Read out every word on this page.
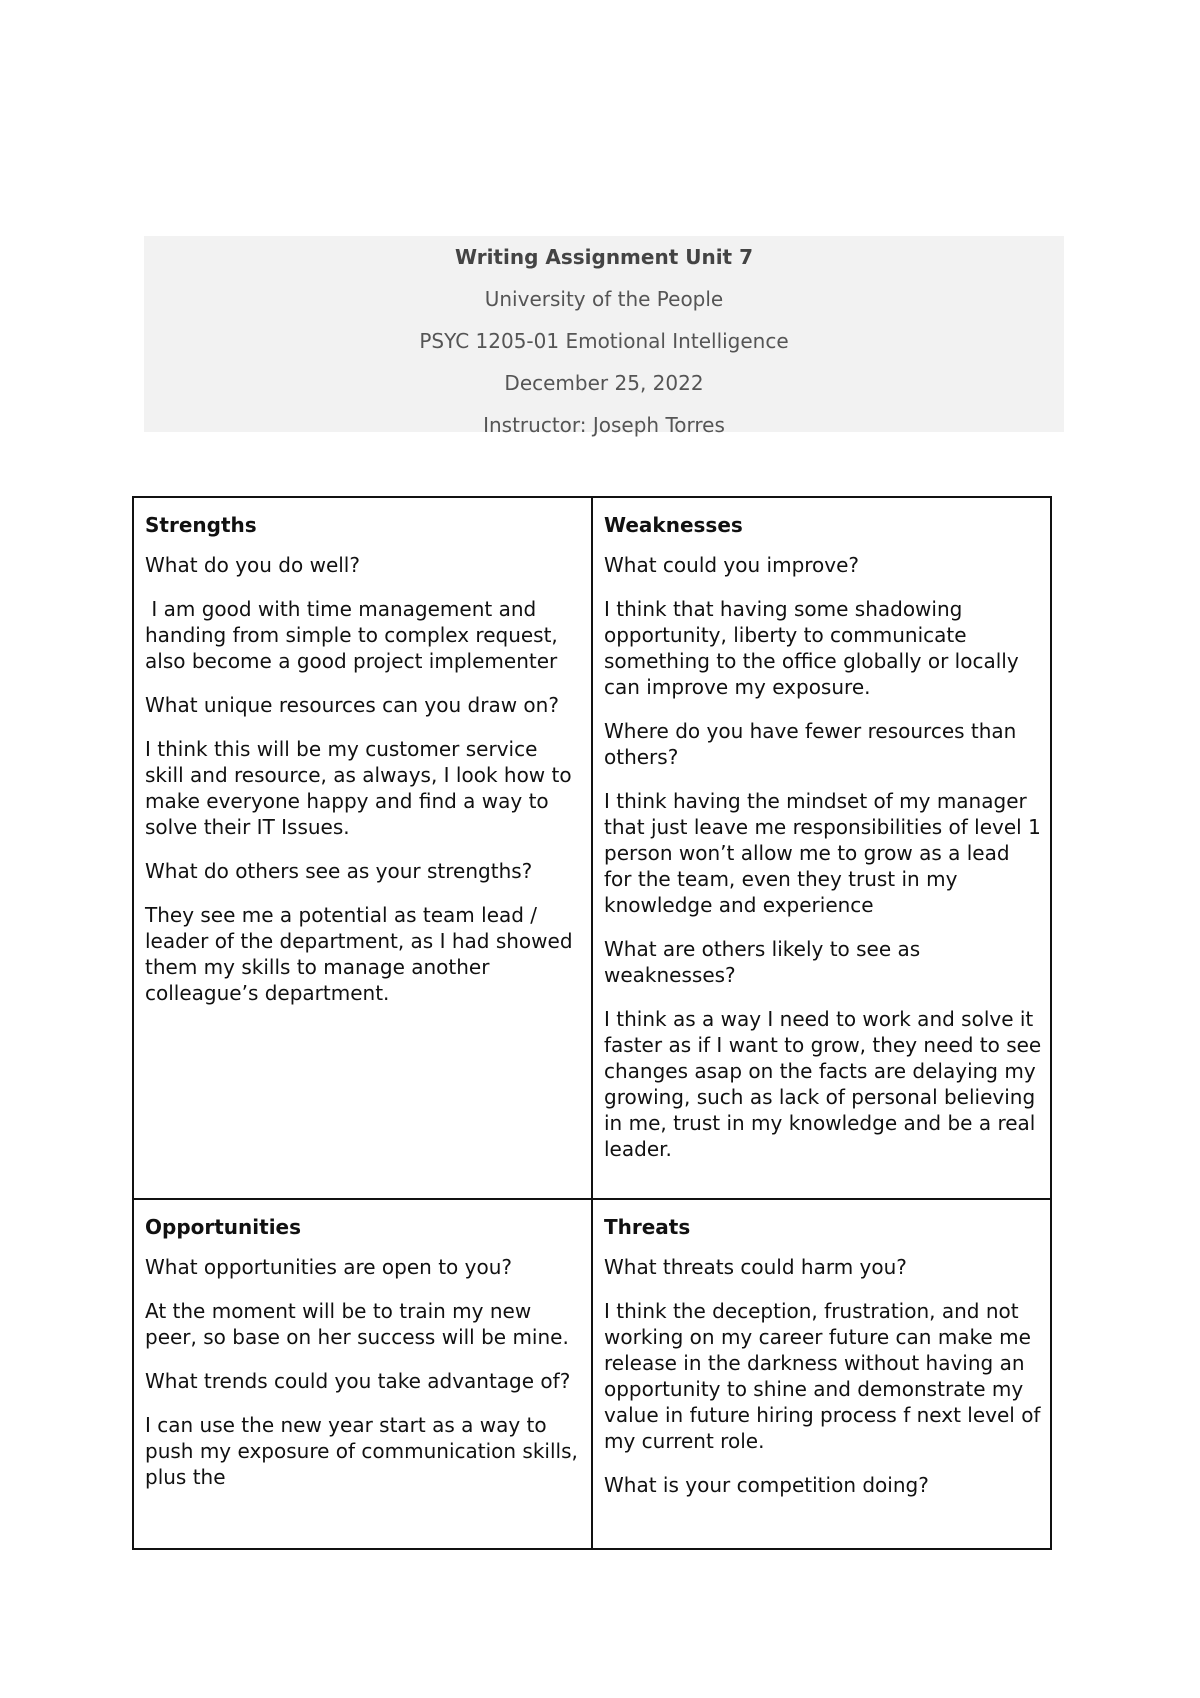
Writing Assignment Unit 7
University of the People
PSYC 1205-01 Emotional Intelligence
December 25, 2022
Instructor: Joseph Torres

Strengths

What do you do well?

I am good with time management and handing from simple to complex request, also become a good project implementer

What unique resources can you draw on?

I think this will be my customer service skill and resource, as always, I look how to make everyone happy and find a way to solve their IT Issues.

What do others see as your strengths?

They see me a potential as team lead / leader of the department, as I had showed them my skills to manage another colleague’s department.

Weaknesses

What could you improve?

I think that having some shadowing opportunity, liberty to communicate something to the office globally or locally can improve my exposure.

Where do you have fewer resources than others?

I think having the mindset of my manager that just leave me responsibilities of level 1 person won’t allow me to grow as a lead for the team, even they trust in my knowledge and experience

What are others likely to see as weaknesses?

I think as a way I need to work and solve it faster as if I want to grow, they need to see changes asap on the facts are delaying my growing, such as lack of personal believing in me, trust in my knowledge and be a real leader.

Opportunities

What opportunities are open to you?

At the moment will be to train my new peer, so base on her success will be mine.

What trends could you take advantage of?

I can use the new year start as a way to push my exposure of communication skills, plus the

Threats

What threats could harm you?

I think the deception, frustration, and not working on my career future can make me release in the darkness without having an opportunity to shine and demonstrate my value in future hiring process f next level of my current role.

What is your competition doing?
